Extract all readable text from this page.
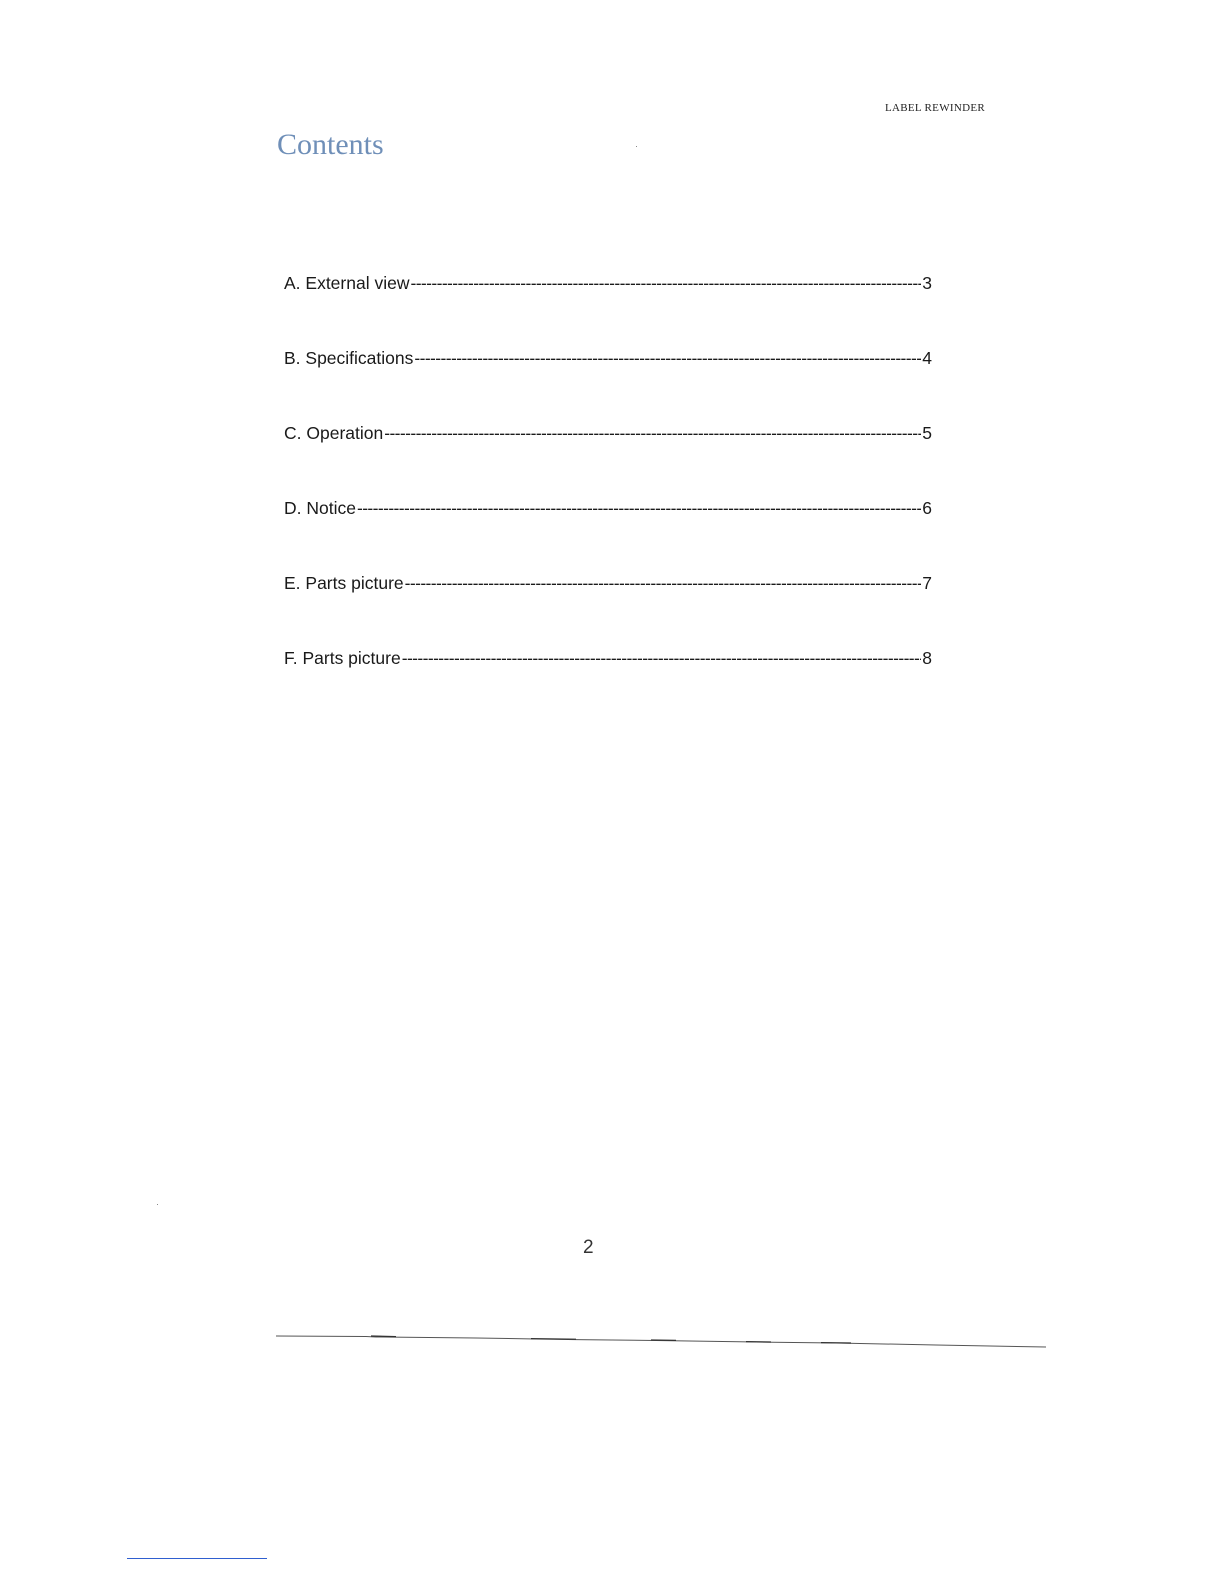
LABEL REWINDER
Contents
A. External view -----	3
B. Specifications -----	4
C. Operation -----	5
D. Notice -----	6
E. Parts picture -----	7
F. Parts picture -----	8
2
